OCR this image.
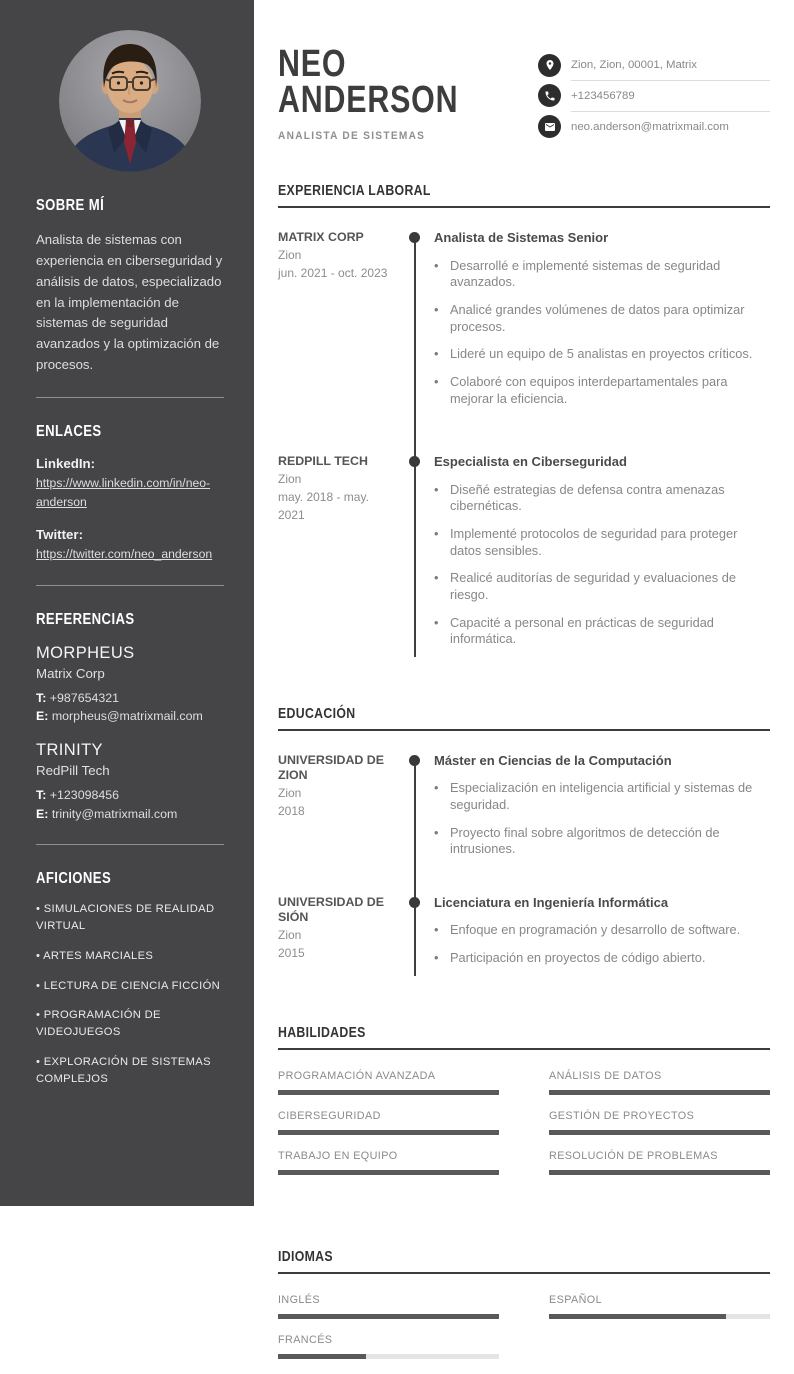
SOBRE MÍ

Analista de sistemas con experiencia en ciberseguridad y análisis de datos, especializado en la implementación de sistemas de seguridad avanzados y la optimización de procesos.

ENLACES
LinkedIn:
https://www.linkedin.com/in/neo-anderson
Twitter:
https://twitter.com/neo_anderson
REFERENCIAS
MORPHEUS
Matrix Corp
T: +987654321
E: morpheus@matrixmail.com
TRINITY
RedPill Tech
T: +123098456
E: trinity@matrixmail.com
AFICIONES
• SIMULACIONES DE REALIDAD VIRTUAL
• ARTES MARCIALES
• LECTURA DE CIENCIA FICCIÓN
• PROGRAMACIÓN DE VIDEOJUEGOS
• EXPLORACIÓN DE SISTEMAS COMPLEJOS
NEO
ANDERSON
ANALISTA DE SISTEMAS
Zion, Zion, 00001, Matrix
+123456789
neo.anderson@matrixmail.com
EXPERIENCIA LABORAL
MATRIX CORP
Zion
jun. 2021 - oct. 2023
Analista de Sistemas Senior
• Desarrollé e implementé sistemas de seguridad avanzados.
• Analicé grandes volúmenes de datos para optimizar procesos.
• Lideré un equipo de 5 analistas en proyectos críticos.
• Colaboré con equipos interdepartamentales para mejorar la eficiencia.
REDPILL TECH
Zion
may. 2018 - may. 2021
Especialista en Ciberseguridad
• Diseñé estrategias de defensa contra amenazas cibernéticas.
• Implementé protocolos de seguridad para proteger datos sensibles.
• Realicé auditorías de seguridad y evaluaciones de riesgo.
• Capacité a personal en prácticas de seguridad informática.
EDUCACIÓN
UNIVERSIDAD DE ZION
Zion
2018
Máster en Ciencias de la Computación
• Especialización en inteligencia artificial y sistemas de seguridad.
• Proyecto final sobre algoritmos de detección de intrusiones.
UNIVERSIDAD DE SIÓN
Zion
2015
Licenciatura en Ingeniería Informática
• Enfoque en programación y desarrollo de software.
• Participación en proyectos de código abierto.
HABILIDADES
PROGRAMACIÓN AVANZADA	ANÁLISIS DE DATOS
CIBERSEGURIDAD	GESTIÓN DE PROYECTOS
TRABAJO EN EQUIPO	RESOLUCIÓN DE PROBLEMAS
IDIOMAS
INGLÉS	ESPAÑOL
FRANCÉS
